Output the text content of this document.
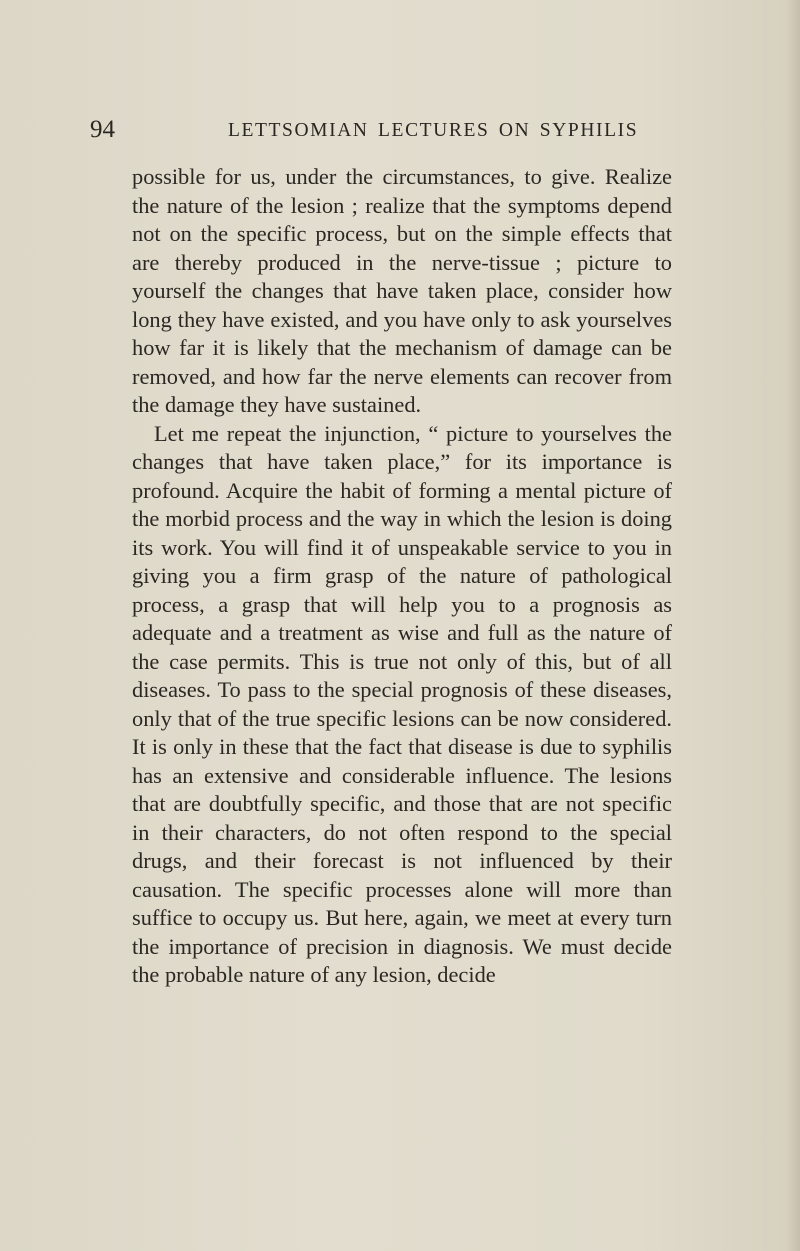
94	LETTSOMIAN LECTURES ON SYPHILIS

possible for us, under the circumstances, to give. Realize the nature of the lesion ; realize that the symptoms depend not on the specific process, but on the simple effects that are thereby produced in the nerve-tissue ; picture to yourself the changes that have taken place, consider how long they have existed, and you have only to ask yourselves how far it is likely that the mechanism of damage can be removed, and how far the nerve elements can recover from the damage they have sustained.

Let me repeat the injunction, “ picture to yourselves the changes that have taken place,” for its importance is profound. Acquire the habit of forming a mental picture of the morbid process and the way in which the lesion is doing its work. You will find it of unspeakable service to you in giving you a firm grasp of the nature of pathological process, a grasp that will help you to a prognosis as adequate and a treatment as wise and full as the nature of the case permits. This is true not only of this, but of all diseases. To pass to the special prognosis of these diseases, only that of the true specific lesions can be now considered. It is only in these that the fact that disease is due to syphilis has an extensive and considerable influence. The lesions that are doubtfully specific, and those that are not specific in their characters, do not often respond to the special drugs, and their forecast is not influenced by their causation. The specific processes alone will more than suffice to occupy us. But here, again, we meet at every turn the importance of precision in diagnosis. We must decide the probable nature of any lesion, decide
